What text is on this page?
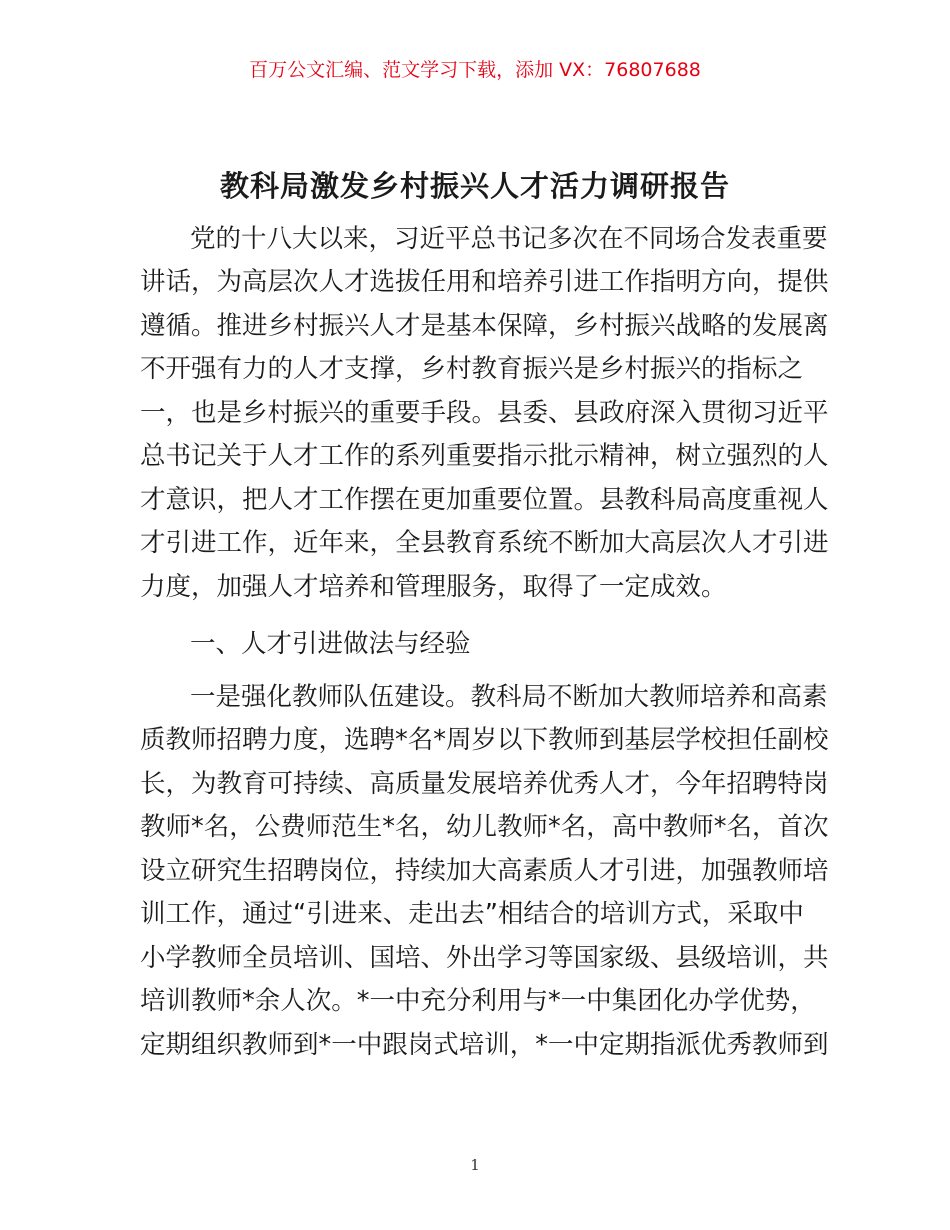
百万公文汇编、范文学习下载，添加 VX：76807688
教科局激发乡村振兴人才活力调研报告
党的十八大以来，习近平总书记多次在不同场合发表重要
讲话，为高层次人才选拔任用和培养引进工作指明方向，提供
遵循。推进乡村振兴人才是基本保障，乡村振兴战略的发展离
不开强有力的人才支撑，乡村教育振兴是乡村振兴的指标之
一，也是乡村振兴的重要手段。县委、县政府深入贯彻习近平
总书记关于人才工作的系列重要指示批示精神，树立强烈的人
才意识，把人才工作摆在更加重要位置。县教科局高度重视人
才引进工作，近年来，全县教育系统不断加大高层次人才引进
力度，加强人才培养和管理服务，取得了一定成效。
一、人才引进做法与经验
一是强化教师队伍建设。教科局不断加大教师培养和高素
质教师招聘力度，选聘*名*周岁以下教师到基层学校担任副校
长，为教育可持续、高质量发展培养优秀人才，今年招聘特岗
教师*名，公费师范生*名，幼儿教师*名，高中教师*名，首次
设立研究生招聘岗位，持续加大高素质人才引进，加强教师培
训工作，通过“引进来、走出去”相结合的培训方式，采取中
小学教师全员培训、国培、外出学习等国家级、县级培训，共
培训教师*余人次。*一中充分利用与*一中集团化办学优势，
定期组织教师到*一中跟岗式培训，*一中定期指派优秀教师到
1
